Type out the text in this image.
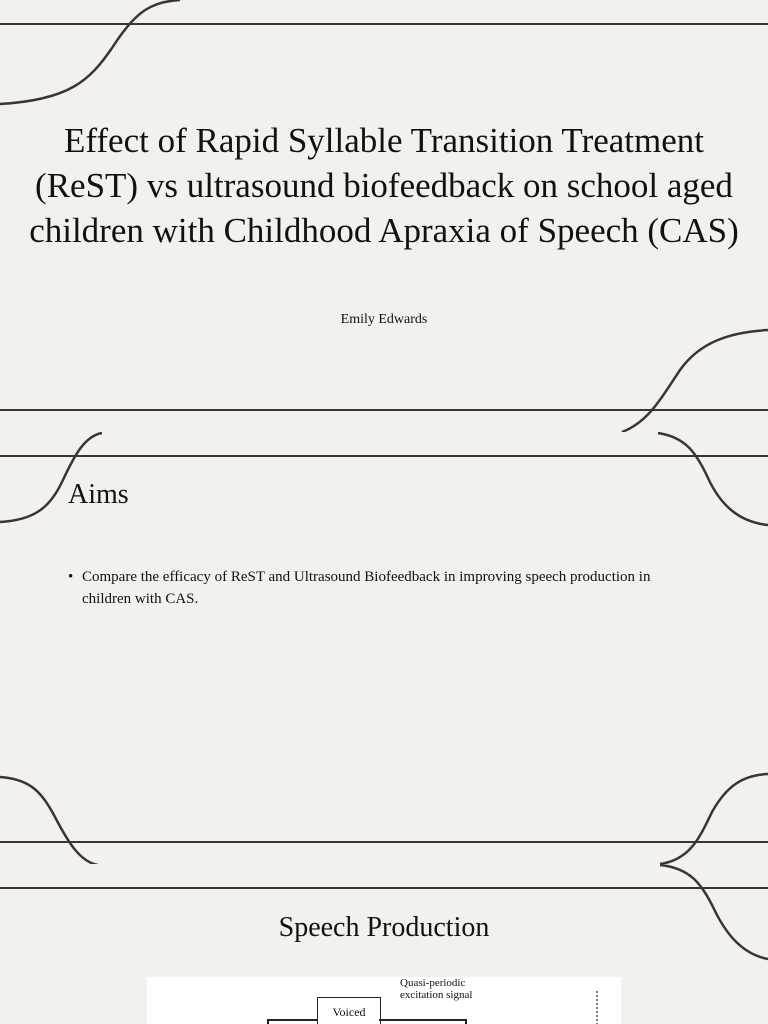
Effect of Rapid Syllable Transition Treatment (ReST) vs ultrasound biofeedback on school aged children with Childhood Apraxia of Speech (CAS)
Emily Edwards
Aims
• Compare the efficacy of ReST and Ultrasound Biofeedback in improving speech production in children with CAS.
Speech Production
Quasi-periodic excitation signal
Voiced
